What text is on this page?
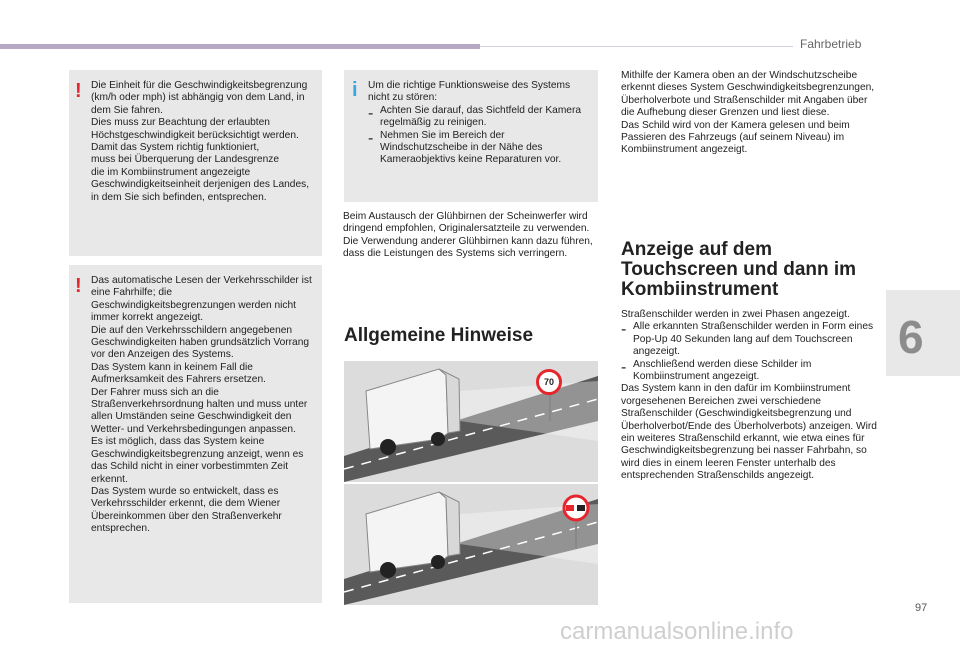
Fahrbetrieb
6
97
! Die Einheit für die Geschwindigkeitsbegrenzung (km/h oder mph) ist abhängig von dem Land, in dem Sie fahren.
Dies muss zur Beachtung der erlaubten Höchstgeschwindigkeit berücksichtigt werden.
Damit das System richtig funktioniert,
muss bei Überquerung der Landesgrenze
die im Kombiinstrument angezeigte Geschwindigkeitseinheit derjenigen des Landes, in dem Sie sich befinden, entsprechen.

! Das automatische Lesen der Verkehrsschilder ist eine Fahrhilfe; die Geschwindigkeitsbegrenzungen werden nicht immer korrekt angezeigt.
Die auf den Verkehrsschildern angegebenen Geschwindigkeiten haben grundsätzlich Vorrang vor den Anzeigen des Systems.
Das System kann in keinem Fall die Aufmerksamkeit des Fahrers ersetzen.
Der Fahrer muss sich an die Straßenverkehrsordnung halten und muss unter allen Umständen seine Geschwindigkeit den Wetter- und Verkehrsbedingungen anpassen.
Es ist möglich, dass das System keine Geschwindigkeitsbegrenzung anzeigt, wenn es das Schild nicht in einer vorbestimmten Zeit erkennt.
Das System wurde so entwickelt, dass es Verkehrsschilder erkennt, die dem Wiener Übereinkommen über den Straßenverkehr entsprechen.

i Um die richtige Funktionsweise des Systems nicht zu stören:

- Achten Sie darauf, das Sichtfeld der Kamera regelmäßig zu reinigen.

- Nehmen Sie im Bereich der Windschutzscheibe in der Nähe des Kameraobjektivs keine Reparaturen vor.

Beim Austausch der Glühbirnen der Scheinwerfer wird dringend empfohlen, Originalersatzteile zu verwenden.
Die Verwendung anderer Glühbirnen kann dazu führen, dass die Leistungen des Systems sich verringern.

Allgemeine Hinweise
70

Mithilfe der Kamera oben an der Windschutzscheibe erkennt dieses System Geschwindigkeitsbegrenzungen, Überholverbote und Straßenschilder mit Angaben über die Aufhebung dieser Grenzen und liest diese.
Das Schild wird von der Kamera gelesen und beim Passieren des Fahrzeugs (auf seinem Niveau) im Kombiinstrument angezeigt.

Anzeige auf dem
Touchscreen und dann im
Kombiinstrument

Straßenschilder werden in zwei Phasen angezeigt.

- Alle erkannten Straßenschilder werden in Form eines Pop-Up 40 Sekunden lang auf dem Touchscreen angezeigt.

- Anschließend werden diese Schilder im Kombiinstrument angezeigt.

Das System kann in den dafür im Kombiinstrument vorgesehenen Bereichen zwei verschiedene Straßenschilder (Geschwindigkeitsbegrenzung und Überholverbot/Ende des Überholverbots) anzeigen. Wird ein weiteres Straßenschild erkannt, wie etwa eines für Geschwindigkeitsbegrenzung bei nasser Fahrbahn, so wird dies in einem leeren Fenster unterhalb des entsprechenden Straßenschilds angezeigt.

carmanualsonline.info
